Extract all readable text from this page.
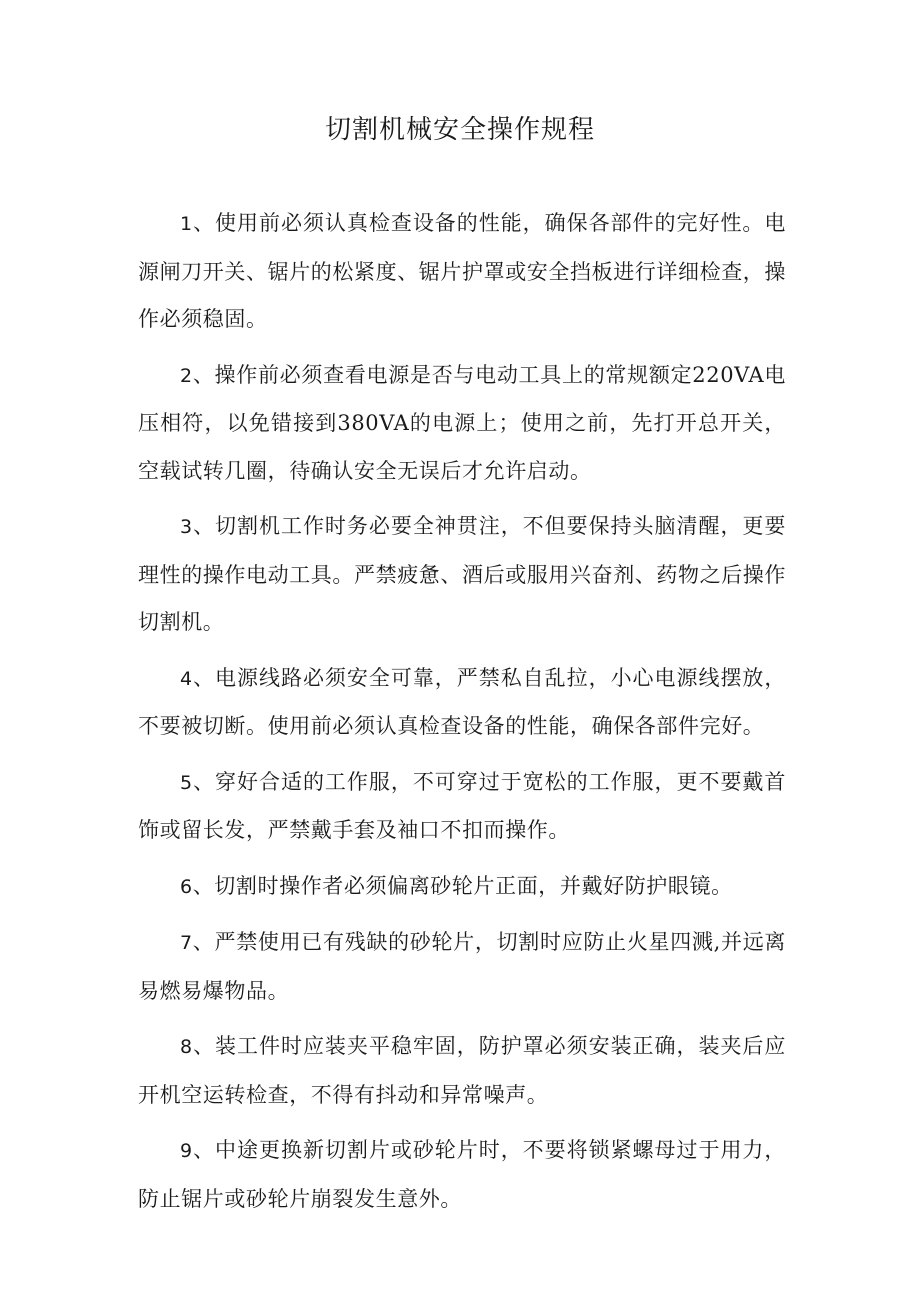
切割机械安全操作规程

1、使用前必须认真检查设备的性能，确保各部件的完好性。电源闸刀开关、锯片的松紧度、锯片护罩或安全挡板进行详细检查，操作必须稳固。

2、操作前必须查看电源是否与电动工具上的常规额定220VA电压相符，以免错接到380VA的电源上；使用之前，先打开总开关，空载试转几圈，待确认安全无误后才允许启动。

3、切割机工作时务必要全神贯注，不但要保持头脑清醒，更要理性的操作电动工具。严禁疲惫、酒后或服用兴奋剂、药物之后操作切割机。

4、电源线路必须安全可靠，严禁私自乱拉，小心电源线摆放，不要被切断。使用前必须认真检查设备的性能，确保各部件完好。

5、穿好合适的工作服，不可穿过于宽松的工作服，更不要戴首饰或留长发，严禁戴手套及袖口不扣而操作。

6、切割时操作者必须偏离砂轮片正面，并戴好防护眼镜。

7、严禁使用已有残缺的砂轮片，切割时应防止火星四溅,并远离易燃易爆物品。

8、装工件时应装夹平稳牢固，防护罩必须安装正确，装夹后应开机空运转检查，不得有抖动和异常噪声。

9、中途更换新切割片或砂轮片时，不要将锁紧螺母过于用力，防止锯片或砂轮片崩裂发生意外。
